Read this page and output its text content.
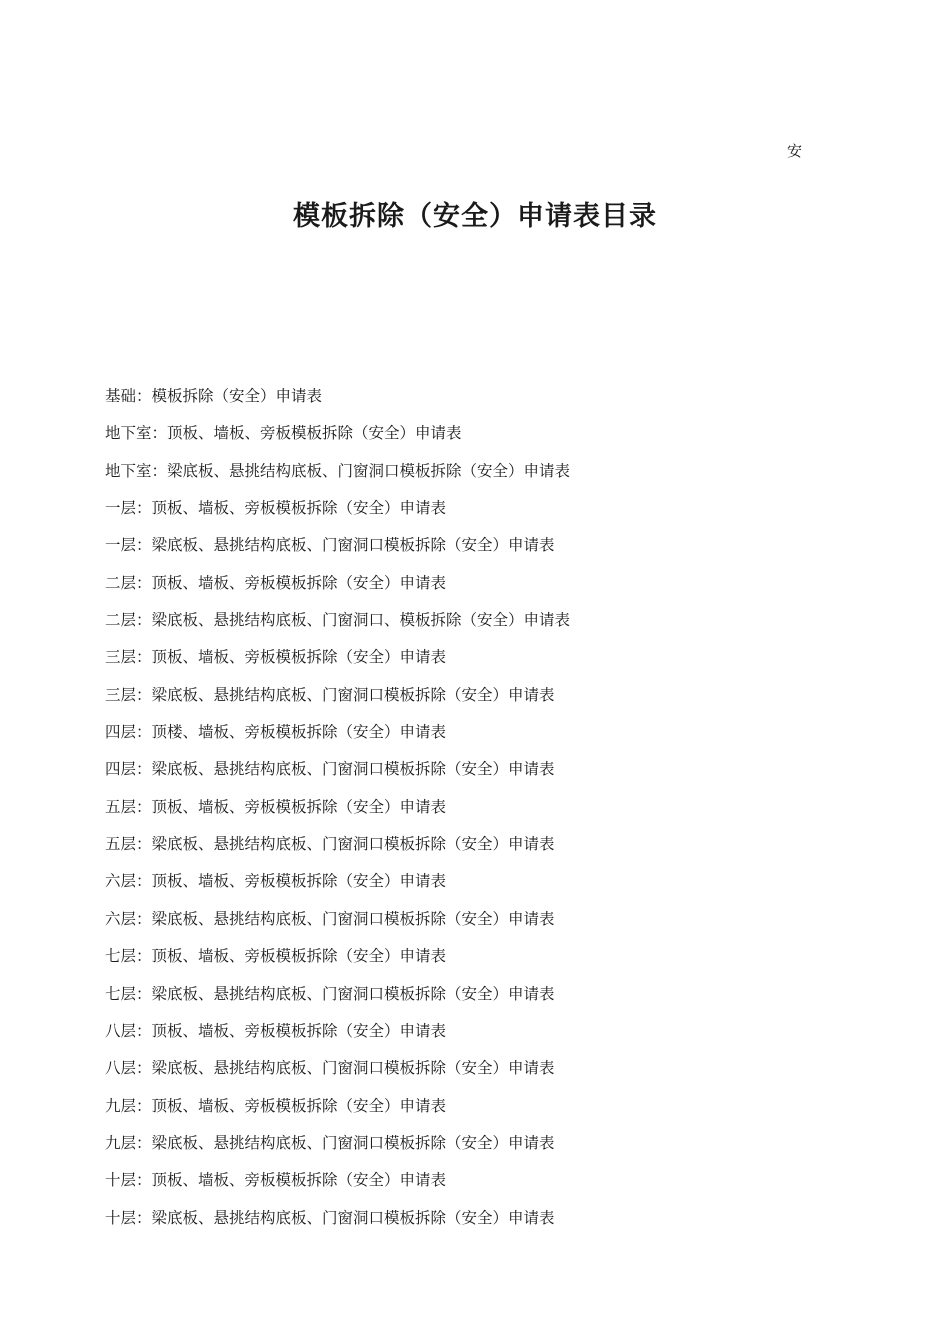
安
模板拆除（安全）申请表目录
基础：模板拆除（安全）申请表
地下室：顶板、墙板、旁板模板拆除（安全）申请表
地下室：梁底板、悬挑结构底板、门窗洞口模板拆除（安全）申请表
一层：顶板、墙板、旁板模板拆除（安全）申请表
一层：梁底板、悬挑结构底板、门窗洞口模板拆除（安全）申请表
二层：顶板、墙板、旁板模板拆除（安全）申请表
二层：梁底板、悬挑结构底板、门窗洞口、模板拆除（安全）申请表
三层：顶板、墙板、旁板模板拆除（安全）申请表
三层：梁底板、悬挑结构底板、门窗洞口模板拆除（安全）申请表
四层：顶楼、墙板、旁板模板拆除（安全）申请表
四层：梁底板、悬挑结构底板、门窗洞口模板拆除（安全）申请表
五层：顶板、墙板、旁板模板拆除（安全）申请表
五层：梁底板、悬挑结构底板、门窗洞口模板拆除（安全）申请表
六层：顶板、墙板、旁板模板拆除（安全）申请表
六层：梁底板、悬挑结构底板、门窗洞口模板拆除（安全）申请表
七层：顶板、墙板、旁板模板拆除（安全）申请表
七层：梁底板、悬挑结构底板、门窗洞口模板拆除（安全）申请表
八层：顶板、墙板、旁板模板拆除（安全）申请表
八层：梁底板、悬挑结构底板、门窗洞口模板拆除（安全）申请表
九层：顶板、墙板、旁板模板拆除（安全）申请表
九层：梁底板、悬挑结构底板、门窗洞口模板拆除（安全）申请表
十层：顶板、墙板、旁板模板拆除（安全）申请表
十层：梁底板、悬挑结构底板、门窗洞口模板拆除（安全）申请表
